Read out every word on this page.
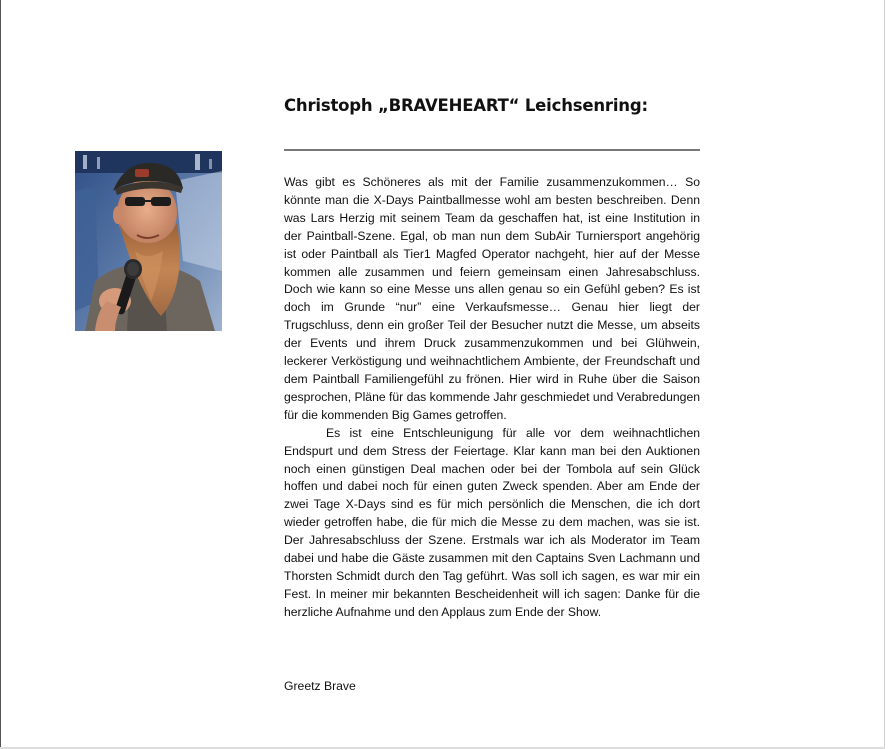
Christoph „BRAVEHEART“ Leichsenring:

Was gibt es Schöneres als mit der Familie zusammenzukommen… So könnte man die X-Days Paintballmesse wohl am besten beschreiben. Denn was Lars Herzig mit seinem Team da geschaffen hat, ist eine Institution in der Paintball-Szene. Egal, ob man nun dem SubAir Turniersport angehörig ist oder Paintball als Tier1 Magfed Operator nachgeht, hier auf der Messe kommen alle zusammen und feiern gemeinsam einen Jahresabschluss. Doch wie kann so eine Messe uns allen genau so ein Gefühl geben? Es ist doch im Grunde “nur” eine Verkaufsmesse… Genau hier liegt der Trugschluss, denn ein großer Teil der Besucher nutzt die Messe, um abseits der Events und ihrem Druck zusammenzukommen und bei Glühwein, leckerer Verköstigung und weihnachtlichem Ambiente, der Freundschaft und dem Paintball Familiengefühl zu frönen. Hier wird in Ruhe über die Saison gesprochen, Pläne für das kommende Jahr geschmiedet und Verabredungen für die kommenden Big Games getroffen.

Es ist eine Entschleunigung für alle vor dem weihnachtlichen Endspurt und dem Stress der Feiertage. Klar kann man bei den Auktionen noch einen günstigen Deal machen oder bei der Tombola auf sein Glück hoffen und dabei noch für einen guten Zweck spenden. Aber am Ende der zwei Tage X-Days sind es für mich persönlich die Menschen, die ich dort wieder getroffen habe, die für mich die Messe zu dem machen, was sie ist. Der Jahresabschluss der Szene. Erstmals war ich als Moderator im Team dabei und habe die Gäste zusammen mit den Captains Sven Lachmann und Thorsten Schmidt durch den Tag geführt. Was soll ich sagen, es war mir ein Fest. In meiner mir bekannten Bescheidenheit will ich sagen: Danke für die herzliche Aufnahme und den Applaus zum Ende der Show.

Greetz Brave
